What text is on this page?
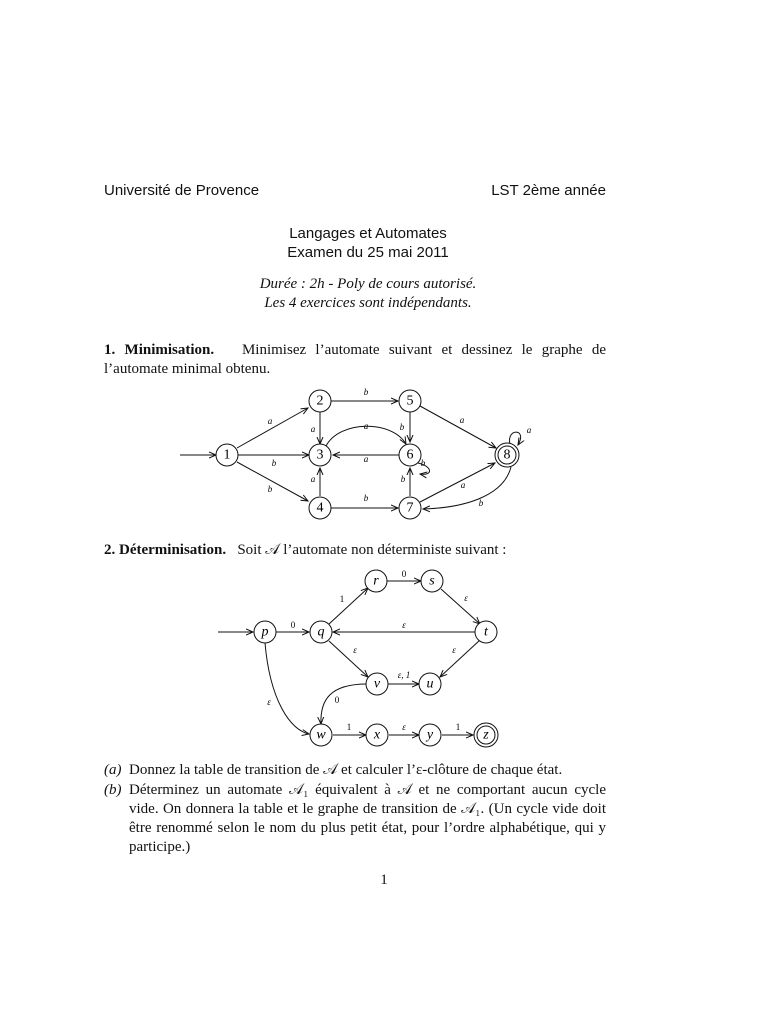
Université de Provence	LST 2ème année
Langages et Automates
Examen du 25 mai 2011
Durée : 2h - Poly de cours autorisé.
Les 4 exercices sont indépendants.
1. Minimisation. Minimisez l’automate suivant et dessinez le graphe de l’automate minimal obtenu.
a
b
b
b
a	a
a
a
b
b
b
b
a
a
b
a
1
2
3
4
5
6
7
8
2. Déterminisation. Soit 𝒜 l’automate non déterministe suivant :
0
1
0
ε
ε
ε
ε, 1
ε
0
ε
1	ε	1
p	q
r	s
t
u
v
w	x	y	z
(a) Donnez la table de transition de 𝒜 et calculer l’ε-clôture de chaque état.
(b) Déterminez un automate 𝒜₁ équivalent à 𝒜 et ne comportant aucun cycle vide. On donnera la table et le graphe de transition de 𝒜₁. (Un cycle vide doit être renommé selon le nom du plus petit état, pour l’ordre alphabétique, qui y participe.)
1
